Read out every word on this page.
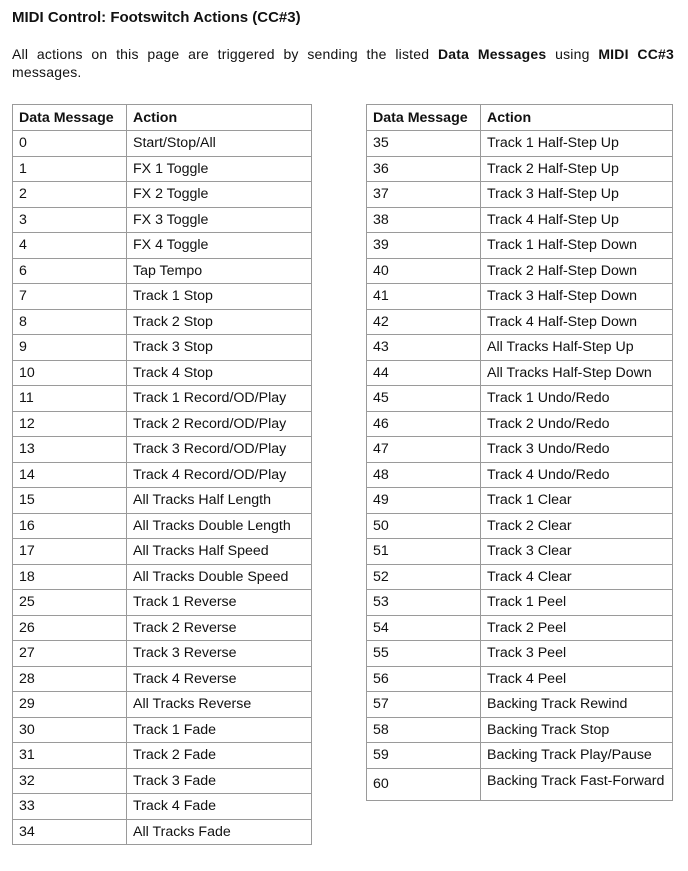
MIDI Control: Footswitch Actions (CC#3)
All actions on this page are triggered by sending the listed Data Messages using MIDI CC#3 messages.
Data Message	Action
0	Start/Stop/All
1	FX 1 Toggle
2	FX 2 Toggle
3	FX 3 Toggle
4	FX 4 Toggle
6	Tap Tempo
7	Track 1 Stop
8	Track 2 Stop
9	Track 3 Stop
10	Track 4 Stop
11	Track 1 Record/OD/Play
12	Track 2 Record/OD/Play
13	Track 3 Record/OD/Play
14	Track 4 Record/OD/Play
15	All Tracks Half Length
16	All Tracks Double Length
17	All Tracks Half Speed
18	All Tracks Double Speed
25	Track 1 Reverse
26	Track 2 Reverse
27	Track 3 Reverse
28	Track 4 Reverse
29	All Tracks Reverse
30	Track 1 Fade
31	Track 2 Fade
32	Track 3 Fade
33	Track 4 Fade
34	All Tracks Fade
Data Message	Action
35	Track 1 Half-Step Up
36	Track 2 Half-Step Up
37	Track 3 Half-Step Up
38	Track 4 Half-Step Up
39	Track 1 Half-Step Down
40	Track 2 Half-Step Down
41	Track 3 Half-Step Down
42	Track 4 Half-Step Down
43	All Tracks Half-Step Up
44	All Tracks Half-Step Down
45	Track 1 Undo/Redo
46	Track 2 Undo/Redo
47	Track 3 Undo/Redo
48	Track 4 Undo/Redo
49	Track 1 Clear
50	Track 2 Clear
51	Track 3 Clear
52	Track 4 Clear
53	Track 1 Peel
54	Track 2 Peel
55	Track 3 Peel
56	Track 4 Peel
57	Backing Track Rewind
58	Backing Track Stop
59	Backing Track Play/Pause
60	Backing Track Fast-Forward
